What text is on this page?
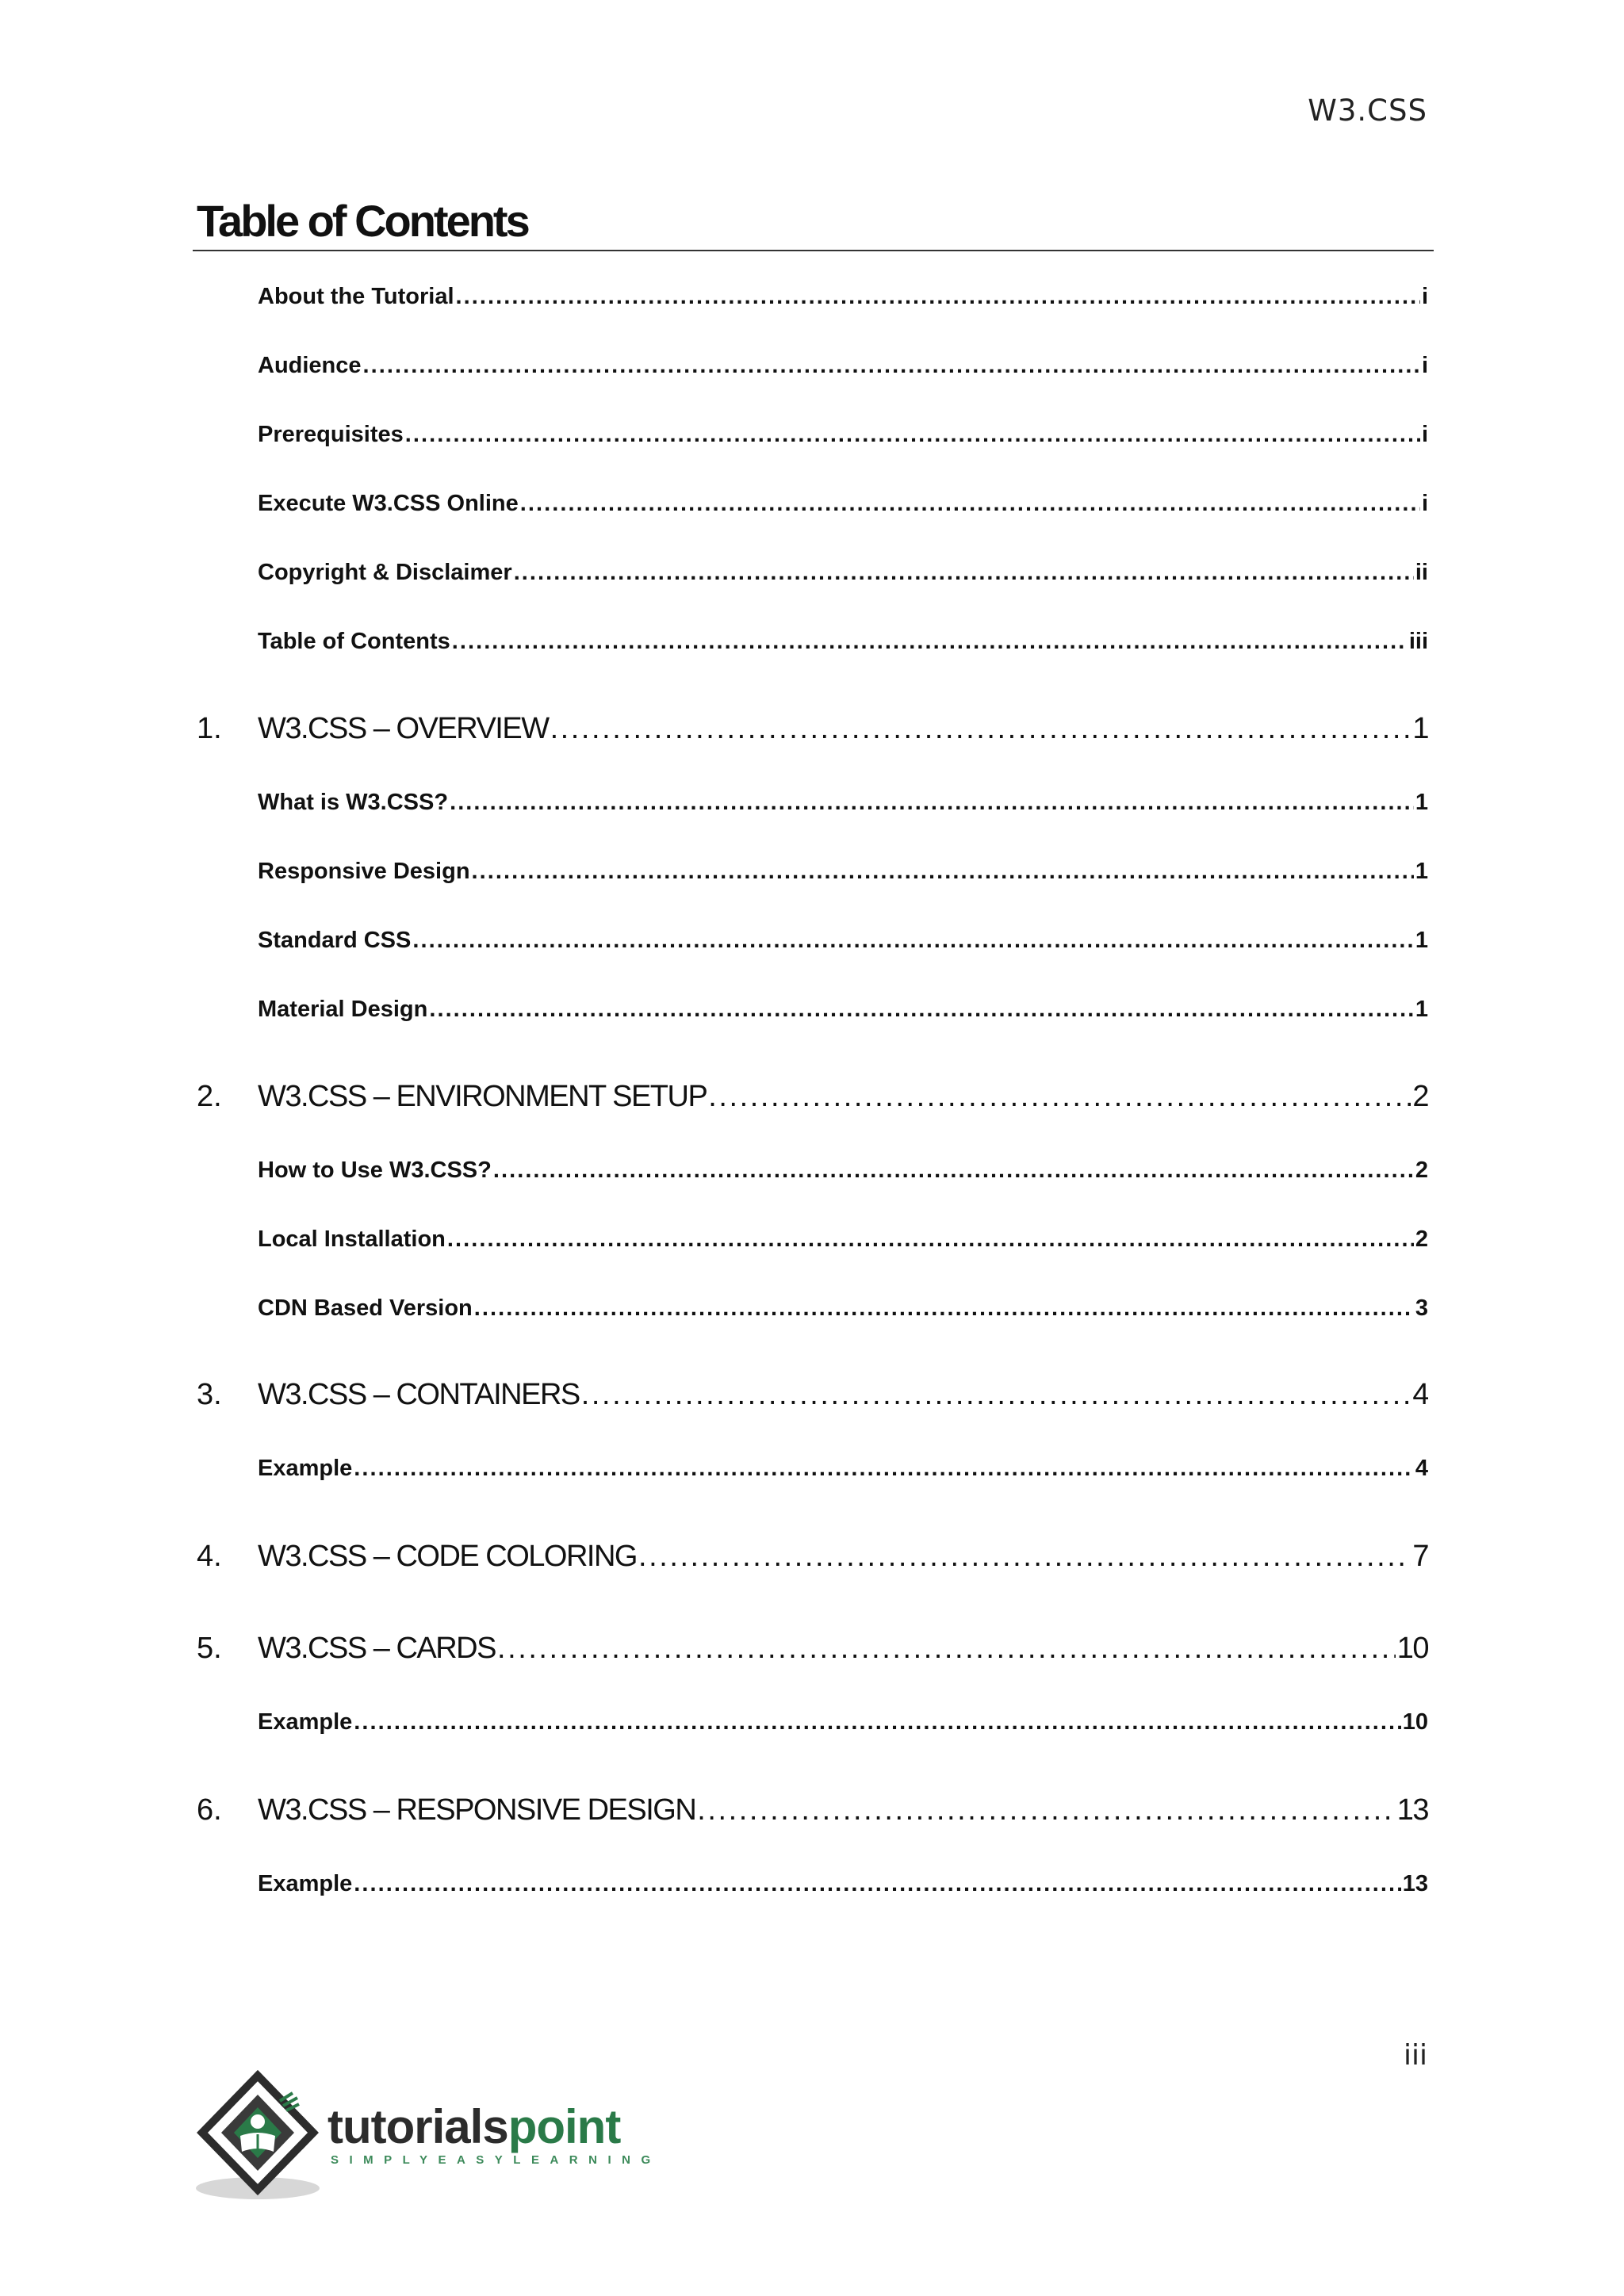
W3.CSS
Table of Contents
About the Tutorial . . .	i
Audience . . .	i
Prerequisites . . .	i
Execute W3.CSS Online . . .	i
Copyright & Disclaimer . . .	ii
Table of Contents . . .	iii
1. W3.CSS – OVERVIEW . . .	1
What is W3.CSS? . . .	1
Responsive Design . . .	1
Standard CSS . . .	1
Material Design . . .	1
2. W3.CSS – ENVIRONMENT SETUP . . .	2
How to Use W3.CSS? . . .	2
Local Installation . . .	2
CDN Based Version . . .	3
3. W3.CSS – CONTAINERS . . .	4
Example . . .	4
4. W3.CSS – CODE COLORING . . .	7
5. W3.CSS – CARDS . . .	10
Example . . .	10
6. W3.CSS – RESPONSIVE DESIGN . . .	13
Example . . .	13
iii
tutorialspoint
SIMPLYEASYLEARNING
